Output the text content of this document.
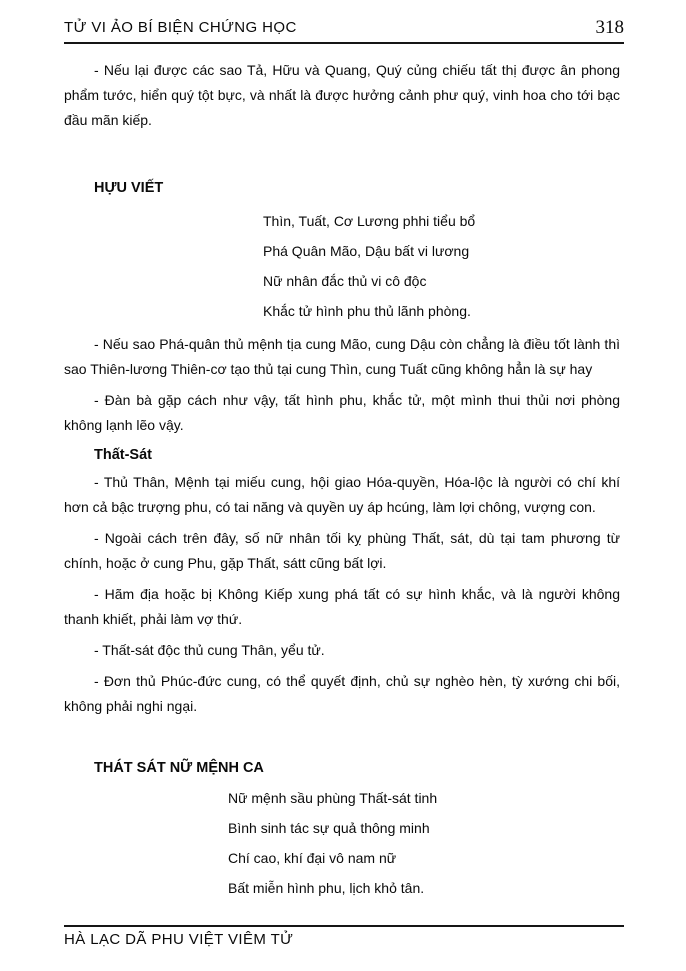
TỬ VI ẢO BÍ BIỆN CHỨNG HỌC	318

- Nếu lại được các sao Tả, Hữu và Quang, Quý củng chiếu tất thị được ân phong phẩm tước, hiển quý tột bực, và nhất là được hưởng cảnh phư quý, vinh hoa cho tới bạc đầu mãn kiếp.

HỰU VIẾT
Thìn, Tuất, Cơ Lương phhi tiểu bổ
Phá Quân Mão, Dậu bất vi lương
Nữ nhân đắc thủ vi cô độc
Khắc tử hình phu thủ lãnh phòng.

- Nếu sao Phá-quân thủ mệnh tịa cung Mão, cung Dậu còn chẳng là điều tốt lành thì sao Thiên-lương Thiên-cơ tạo thủ tại cung Thìn, cung Tuất cũng không hẳn là sự hay

- Đàn bà gặp cách như vậy, tất hình phu, khắc tử, một mình thui thủi nơi phòng không lạnh lẽo vậy.

Thất-Sát

- Thủ Thân, Mệnh tại miếu cung, hội giao Hóa-quyền, Hóa-lộc là người có chí khí hơn cả bậc trượng phu, có tai năng và quyền uy áp hcúng, làm lợi chông, vượng con.

- Ngoài cách trên đây, số nữ nhân tối kỵ phùng Thất, sát, dù tại tam phương từ chính, hoặc ở cung Phu, gặp Thất, sátt cũng bất lợi.

- Hãm địa hoặc bị Không Kiếp xung phá tất có sự hình khắc, và là người không thanh khiết, phải làm vợ thứ.

- Thất-sát độc thủ cung Thân, yểu tử.

- Đơn thủ Phúc-đức cung, có thể quyết định, chủ sự nghèo hèn, tỳ xướng chi bối, không phải nghi ngại.

THÁT SÁT NỮ MỆNH CA
Nữ mệnh sầu phùng Thất-sát tinh
Bình sinh tác sự quả thông minh
Chí cao, khí đại vô nam nữ
Bất miễn hình phu, lịch khỏ tân.
HÀ LẠC DÃ PHU VIỆT VIÊM TỬ
